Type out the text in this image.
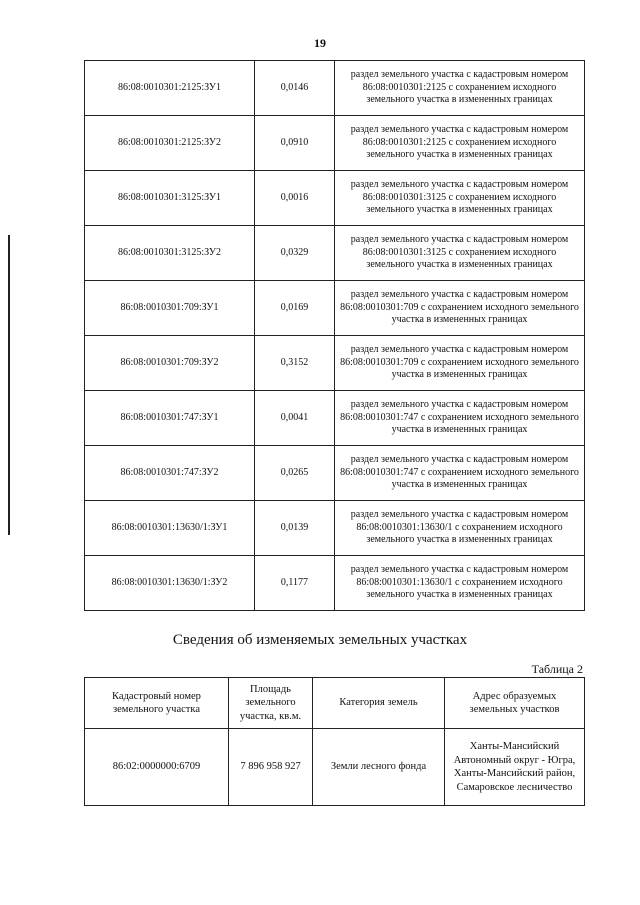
19
86:08:0010301:2125:ЗУ1	0,0146	раздел земельного участка с кадастровым номером 86:08:0010301:2125 с сохранением исходного земельного участка в измененных границах
86:08:0010301:2125:ЗУ2	0,0910	раздел земельного участка с кадастровым номером 86:08:0010301:2125 с сохранением исходного земельного участка в измененных границах
86:08:0010301:3125:ЗУ1	0,0016	раздел земельного участка с кадастровым номером 86:08:0010301:3125 с сохранением исходного земельного участка в измененных границах
86:08:0010301:3125:ЗУ2	0,0329	раздел земельного участка с кадастровым номером 86:08:0010301:3125 с сохранением исходного земельного участка в измененных границах
86:08:0010301:709:ЗУ1	0,0169	раздел земельного участка с кадастровым номером 86:08:0010301:709 с сохранением исходного земельного участка в измененных границах
86:08:0010301:709:ЗУ2	0,3152	раздел земельного участка с кадастровым номером 86:08:0010301:709 с сохранением исходного земельного участка в измененных границах
86:08:0010301:747:ЗУ1	0,0041	раздел земельного участка с кадастровым номером 86:08:0010301:747 с сохранением исходного земельного участка в измененных границах
86:08:0010301:747:ЗУ2	0,0265	раздел земельного участка с кадастровым номером 86:08:0010301:747 с сохранением исходного земельного участка в измененных границах
86:08:0010301:13630/1:ЗУ1	0,0139	раздел земельного участка с кадастровым номером 86:08:0010301:13630/1 с сохранением исходного земельного участка в измененных границах
86:08:0010301:13630/1:ЗУ2	0,1177	раздел земельного участка с кадастровым номером 86:08:0010301:13630/1 с сохранением исходного земельного участка в измененных границах
Сведения об изменяемых земельных участках
Таблица 2
Кадастровый номер земельного участка	Площадь земельного участка, кв.м.	Категория земель	Адрес образуемых земельных участков
86:02:0000000:6709	7 896 958 927	Земли лесного фонда	Ханты-Мансийский Автономный округ - Югра, Ханты-Мансийский район, Самаровское лесничество
